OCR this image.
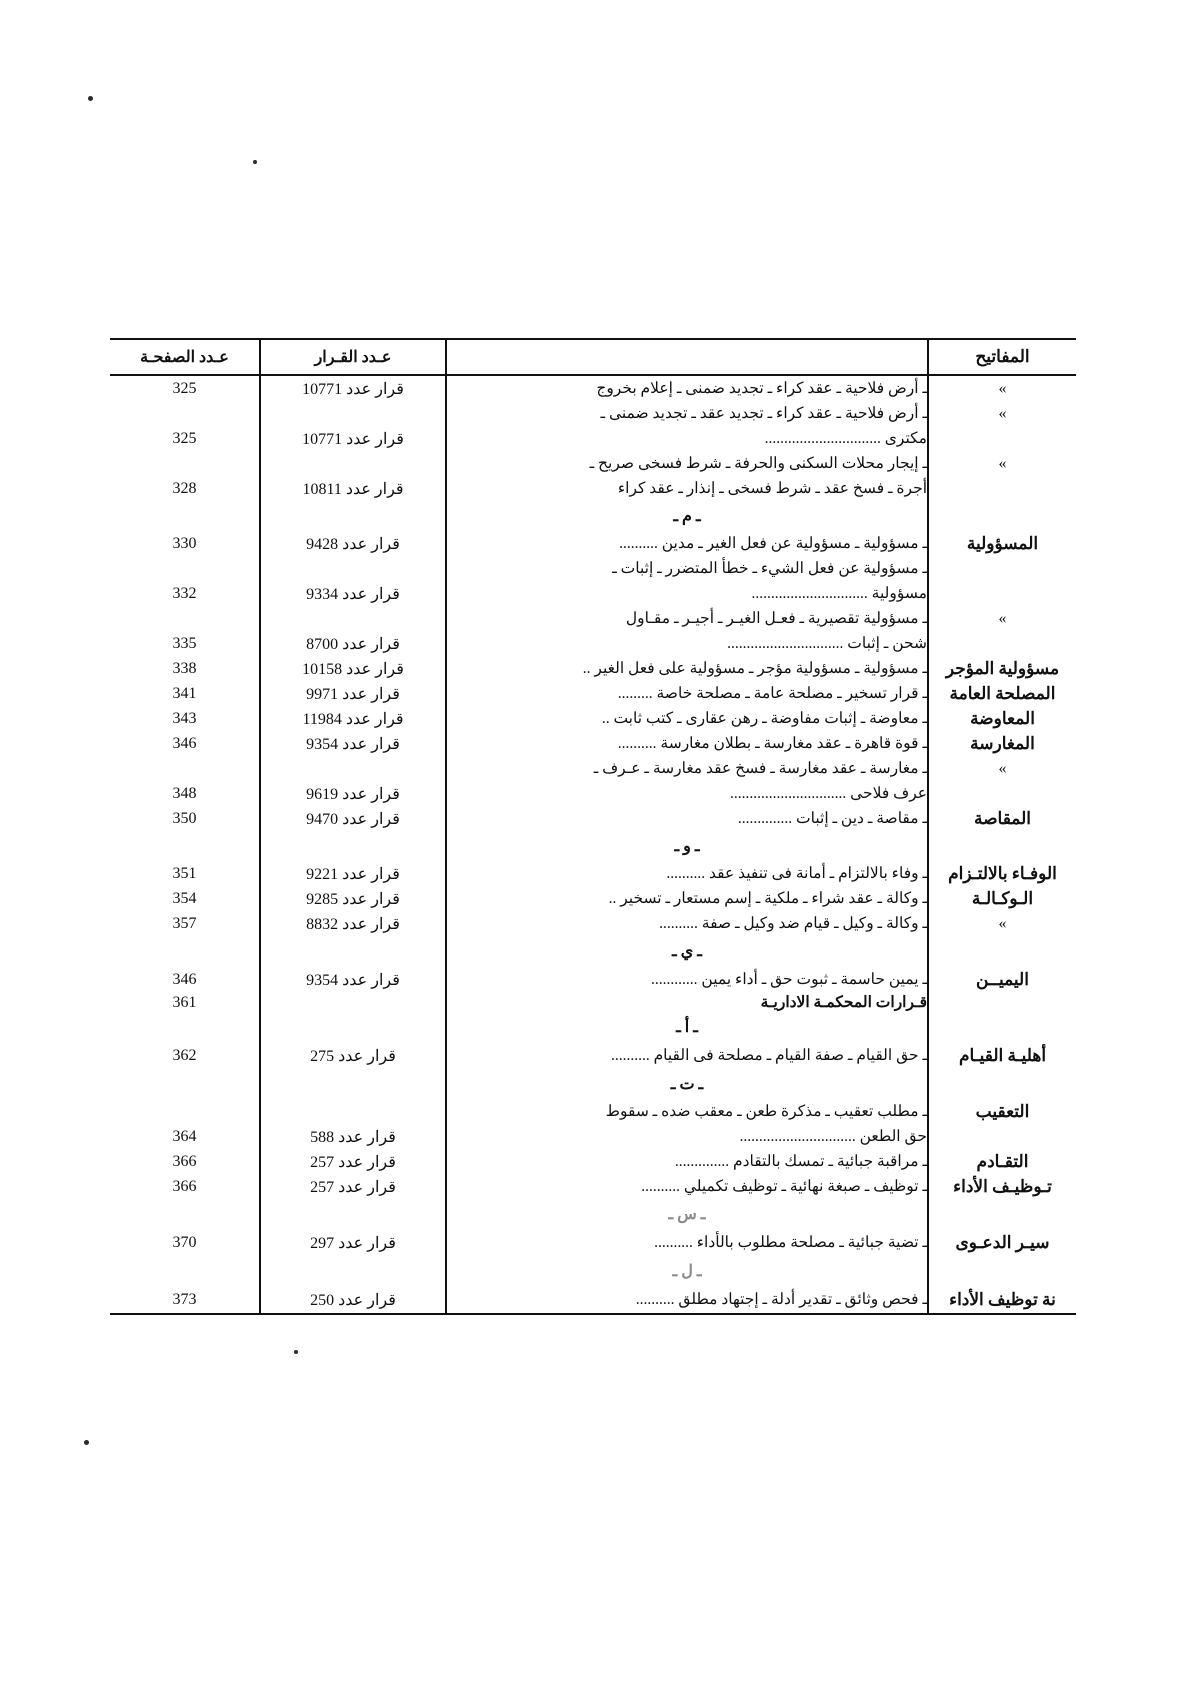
المفاتيح		عـدد القـرار	عـدد الصفحـة
»	ـ أرض فلاحية ـ عقد كراء ـ تجديد ضمنى ـ إعلام بخروج	قرار عدد 10771	325
»	ـ أرض فلاحية ـ عقد كراء ـ تجديد عقد ـ تجديد ضمنى ـ		
	مكترى ..............................	قرار عدد 10771	325
»	ـ إيجار محلات السكنى والحرفة ـ شرط فسخى صريح ـ		
	أجرة ـ فسخ عقد ـ شرط فسخى ـ إنذار ـ عقد كراء	قرار عدد 10811	328
	ـ م ـ		
المسؤولية	ـ مسؤولية ـ مسؤولية عن فعل الغير ـ مدين ..........	قرار عدد 9428	330
	ـ مسؤولية عن فعل الشيء ـ خطأ المتضرر ـ إثبات ـ		
	مسؤولية ..............................	قرار عدد 9334	332
»	ـ مسؤولية تقصيرية ـ فعـل الغيـر ـ أجيـر ـ مقـاول		
	شحن ـ إثبات ..............................	قرار عدد 8700	335
مسؤولية المؤجر	ـ مسؤولية ـ مسؤولية مؤجر ـ مسؤولية على فعل الغير ..	قرار عدد 10158	338
المصلحة العامة	ـ قرار تسخير ـ مصلحة عامة ـ مصلحة خاصة .........	قرار عدد 9971	341
المعاوضة	ـ معاوضة ـ إثبات مفاوضة ـ رهن عقارى ـ كتب ثابت ..	قرار عدد 11984	343
المغارسة	ـ قوة قاهرة ـ عقد مغارسة ـ بطلان مغارسة ..........	قرار عدد 9354	346
»	ـ مغارسة ـ عقد مغارسة ـ فسخ عقد مغارسة ـ عـرف ـ		
	عرف فلاحى ..............................	قرار عدد 9619	348
المقاصة	ـ مقاصة ـ دين ـ إثبات ..............	قرار عدد 9470	350
	ـ و ـ		
الوفـاء بالالتـزام	ـ وفاء بالالتزام ـ أمانة فى تنفيذ عقد ..........	قرار عدد 9221	351
الـوكـالـة	ـ وكالة ـ عقد شراء ـ ملكية ـ إسم مستعار ـ تسخير ..	قرار عدد 9285	354
»	ـ وكالة ـ وكيل ـ قيام ضد وكيل ـ صفة ..........	قرار عدد 8832	357
	ـ ي ـ		
اليميــن	ـ يمين حاسمة ـ ثبوت حق ـ أداء يمين ............	قرار عدد 9354	346
	قـرارات المحكمـة الاداريـة		361
	ـ أ ـ		
أهليـة القيـام	ـ حق القيام ـ صفة القيام ـ مصلحة فى القيام ..........	قرار عدد 275	362
	ـ ت ـ		
التعقيب	ـ مطلب تعقيب ـ مذكرة طعن ـ معقب ضده ـ سقوط		
	حق الطعن ..............................	قرار عدد 588	364
التقـادم	ـ مراقبة جبائية ـ تمسك بالتقادم ..............	قرار عدد 257	366
تـوظيـف الأداء	ـ توظيف ـ صبغة نهائية ـ توظيف تكميلي ..........	قرار عدد 257	366
	ـ س ـ		
سيـر الدعـوى	ـ تضية جبائية ـ مصلحة مطلوب بالأداء ..........	قرار عدد 297	370
	ـ ل ـ		
نة توظيف الأداء	ـ فحص وثائق ـ تقدير أدلة ـ إجتهاد مطلق ..........	قرار عدد 250	373
